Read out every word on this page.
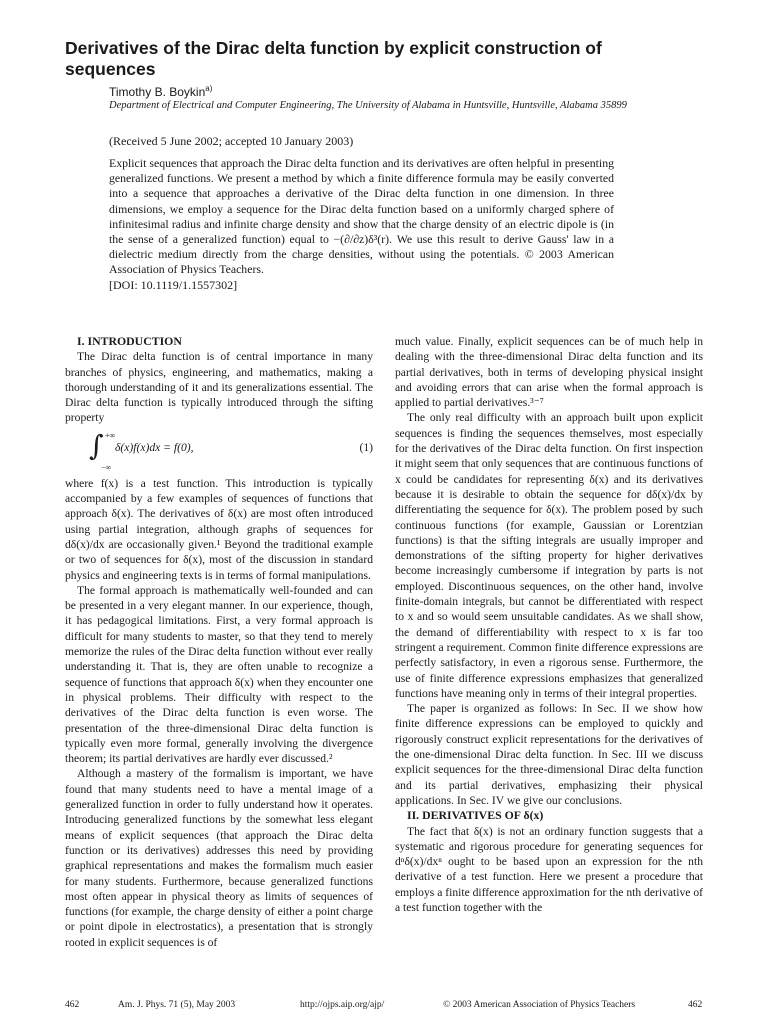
Derivatives of the Dirac delta function by explicit construction of sequences
Timothy B. Boykin$^{a)}$
Department of Electrical and Computer Engineering, The University of Alabama in Huntsville, Huntsville, Alabama 35899
(Received 5 June 2002; accepted 10 January 2003)

Explicit sequences that approach the Dirac delta function and its derivatives are often helpful in presenting generalized functions. We present a method by which a finite difference formula may be easily converted into a sequence that approaches a derivative of the Dirac delta function in one dimension. In three dimensions, we employ a sequence for the Dirac delta function based on a uniformly charged sphere of infinitesimal radius and infinite charge density and show that the charge density of an electric dipole is (in the sense of a generalized function) equal to −(∂/∂z)δ³(r). We use this result to derive Gauss' law in a dielectric medium directly from the charge densities, without using the potentials. © 2003 American Association of Physics Teachers.

[DOI: 10.1119/1.1557302]

I. INTRODUCTION

The Dirac delta function is of central importance in many branches of physics, engineering, and mathematics, making a thorough understanding of it and its generalizations essential. The Dirac delta function is typically introduced through the sifting property

∫ +∞
−∞
δ(x)f(x)dx = f(0),	(1)

where f(x) is a test function. This introduction is typically accompanied by a few examples of sequences of functions that approach δ(x). The derivatives of δ(x) are most often introduced using partial integration, although graphs of sequences for dδ(x)/dx are occasionally given.¹ Beyond the traditional example or two of sequences for δ(x), most of the discussion in standard physics and engineering texts is in terms of formal manipulations.

The formal approach is mathematically well-founded and can be presented in a very elegant manner. In our experience, though, it has pedagogical limitations. First, a very formal approach is difficult for many students to master, so that they tend to merely memorize the rules of the Dirac delta function without ever really understanding it. That is, they are often unable to recognize a sequence of functions that approach δ(x) when they encounter one in physical problems. Their difficulty with respect to the derivatives of the Dirac delta function is even worse. The presentation of the three-dimensional Dirac delta function is typically even more formal, generally involving the divergence theorem; its partial derivatives are hardly ever discussed.²

Although a mastery of the formalism is important, we have found that many students need to have a mental image of a generalized function in order to fully understand how it operates. Introducing generalized functions by the somewhat less elegant means of explicit sequences (that approach the Dirac delta function or its derivatives) addresses this need by providing graphical representations and makes the formalism much easier for many students. Furthermore, because generalized functions most often appear in physical theory as limits of sequences of functions (for example, the charge density of either a point charge or point dipole in electrostatics), a presentation that is strongly rooted in explicit sequences is of

much value. Finally, explicit sequences can be of much help in dealing with the three-dimensional Dirac delta function and its partial derivatives, both in terms of developing physical insight and avoiding errors that can arise when the formal approach is applied to partial derivatives.³⁻⁷

The only real difficulty with an approach built upon explicit sequences is finding the sequences themselves, most especially for the derivatives of the Dirac delta function. On first inspection it might seem that only sequences that are continuous functions of x could be candidates for representing δ(x) and its derivatives because it is desirable to obtain the sequence for dδ(x)/dx by differentiating the sequence for δ(x). The problem posed by such continuous functions (for example, Gaussian or Lorentzian functions) is that the sifting integrals are usually improper and demonstrations of the sifting property for higher derivatives become increasingly cumbersome if integration by parts is not employed. Discontinuous sequences, on the other hand, involve finite-domain integrals, but cannot be differentiated with respect to x and so would seem unsuitable candidates. As we shall show, the demand of differentiability with respect to x is far too stringent a requirement. Common finite difference expressions are perfectly satisfactory, in even a rigorous sense. Furthermore, the use of finite difference expressions emphasizes that generalized functions have meaning only in terms of their integral properties.

The paper is organized as follows: In Sec. II we show how finite difference expressions can be employed to quickly and rigorously construct explicit representations for the derivatives of the one-dimensional Dirac delta function. In Sec. III we discuss explicit sequences for the three-dimensional Dirac delta function and its partial derivatives, emphasizing their physical applications. In Sec. IV we give our conclusions.

II. DERIVATIVES OF δ(x)

The fact that δ(x) is not an ordinary function suggests that a systematic and rigorous procedure for generating sequences for dⁿδ(x)/dxⁿ ought to be based upon an expression for the nth derivative of a test function. Here we present a procedure that employs a finite difference approximation for the nth derivative of a test function together with the

462	Am. J. Phys. 71 (5), May 2003	http://ojps.aip.org/ajp/	© 2003 American Association of Physics Teachers	462
